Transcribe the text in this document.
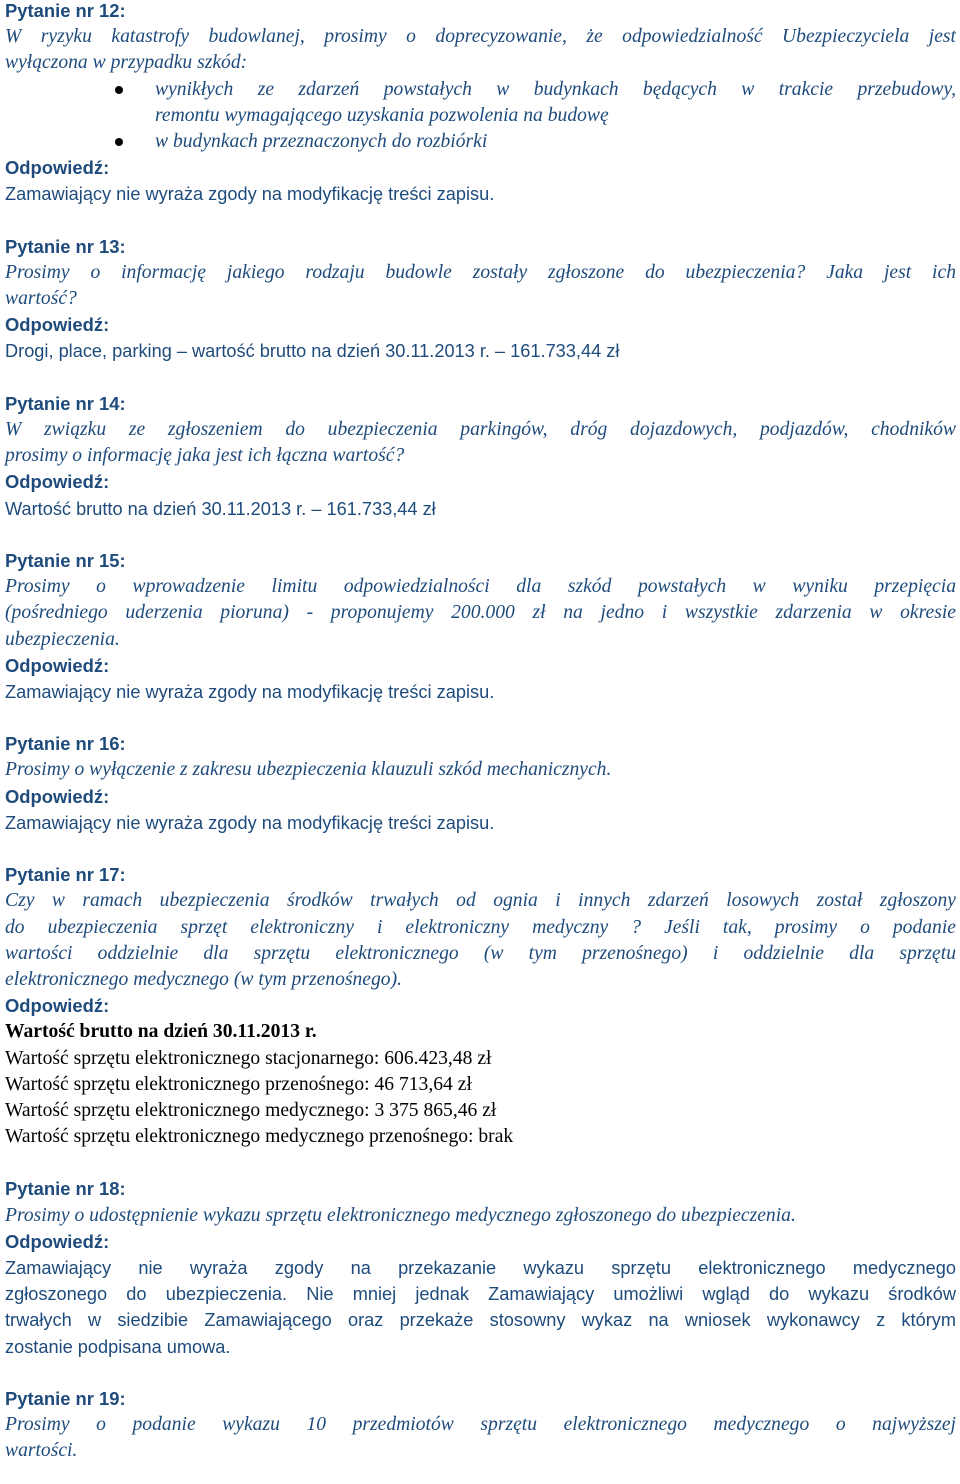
Pytanie nr 12:
W ryzyku katastrofy budowlanej, prosimy o doprecyzowanie, że odpowiedzialność Ubezpieczyciela jest
wyłączona w przypadku szkód:
wynikłych ze zdarzeń powstałych w budynkach będących w trakcie przebudowy,
remontu wymagającego uzyskania pozwolenia na budowę
w budynkach przeznaczonych do rozbiórki
Odpowiedź:
Zamawiający nie wyraża zgody na modyfikację treści zapisu.
Pytanie nr 13:
Prosimy o informację jakiego rodzaju budowle zostały zgłoszone do ubezpieczenia? Jaka jest ich
wartość?
Odpowiedź:
Drogi, place, parking – wartość brutto na dzień 30.11.2013 r. – 161.733,44 zł
Pytanie nr 14:
W związku ze zgłoszeniem do ubezpieczenia parkingów, dróg dojazdowych, podjazdów, chodników
prosimy o informację jaka jest ich łączna wartość?
Odpowiedź:
Wartość brutto na dzień 30.11.2013 r. – 161.733,44 zł
Pytanie nr 15:
Prosimy o wprowadzenie limitu odpowiedzialności dla szkód powstałych w wyniku przepięcia
(pośredniego uderzenia pioruna) - proponujemy 200.000 zł na jedno i wszystkie zdarzenia w okresie
ubezpieczenia.
Odpowiedź:
Zamawiający nie wyraża zgody na modyfikację treści zapisu.
Pytanie nr 16:
Prosimy o wyłączenie z zakresu ubezpieczenia klauzuli szkód mechanicznych.
Odpowiedź:
Zamawiający nie wyraża zgody na modyfikację treści zapisu.
Pytanie nr 17:
Czy w ramach ubezpieczenia środków trwałych od ognia i innych zdarzeń losowych został zgłoszony
do ubezpieczenia sprzęt elektroniczny i elektroniczny medyczny ? Jeśli tak, prosimy o podanie
wartości oddzielnie dla sprzętu elektronicznego (w tym przenośnego) i oddzielnie dla sprzętu
elektronicznego medycznego (w tym przenośnego).
Odpowiedź:
Wartość brutto na dzień 30.11.2013 r.
Wartość sprzętu elektronicznego stacjonarnego: 606.423,48 zł
Wartość sprzętu elektronicznego przenośnego: 46 713,64 zł
Wartość sprzętu elektronicznego medycznego: 3 375 865,46 zł
Wartość sprzętu elektronicznego medycznego przenośnego: brak
Pytanie nr 18:
Prosimy o udostępnienie wykazu sprzętu elektronicznego medycznego zgłoszonego do ubezpieczenia.
Odpowiedź:
Zamawiający nie wyraża zgody na przekazanie wykazu sprzętu elektronicznego medycznego
zgłoszonego do ubezpieczenia. Nie mniej jednak Zamawiający umożliwi wgląd do wykazu środków
trwałych w siedzibie Zamawiającego oraz przekaże stosowny wykaz na wniosek wykonawcy z którym
zostanie podpisana umowa.
Pytanie nr 19:
Prosimy o podanie wykazu 10 przedmiotów sprzętu elektronicznego medycznego o najwyższej
wartości.
